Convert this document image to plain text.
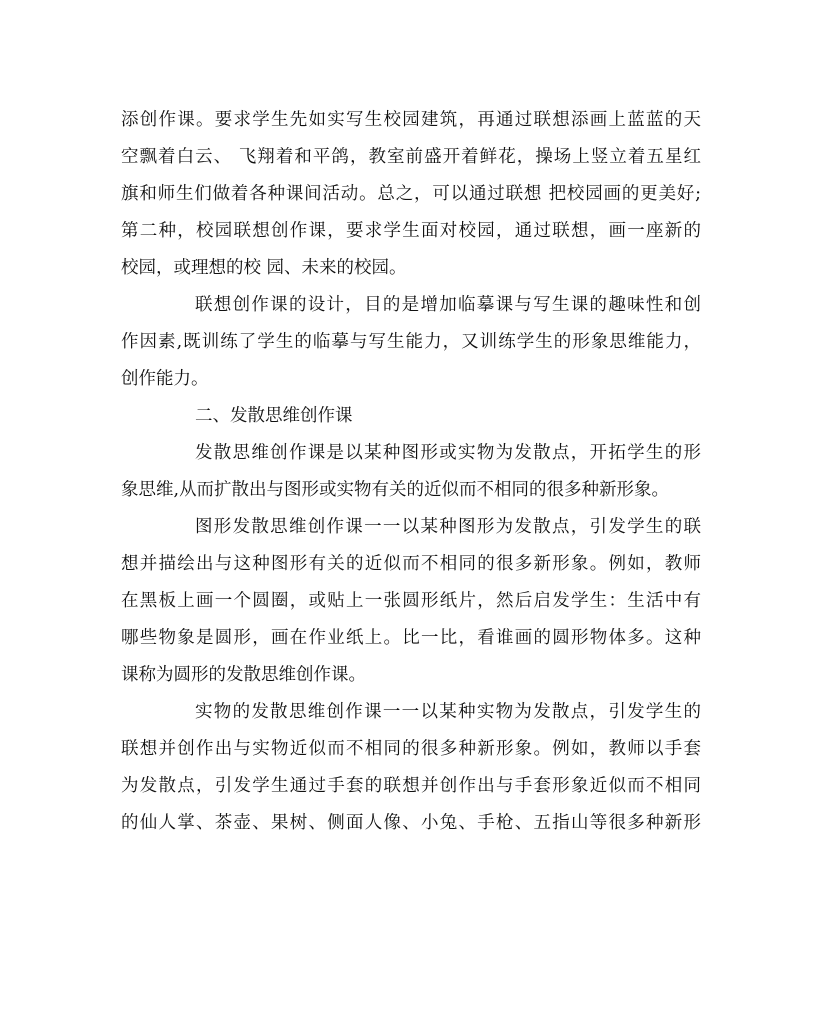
添创作课。要求学生先如实写生校园建筑，再通过联想添画上蓝蓝的天
空飘着白云、 飞翔着和平鸽，教室前盛开着鲜花，操场上竖立着五星红
旗和师生们做着各种课间活动。总之，可以通过联想 把校园画的更美好;
第二种，校园联想创作课，要求学生面对校园，通过联想，画一座新的
校园，或理想的校 园、未来的校园。
联想创作课的设计，目的是增加临摹课与写生课的趣味性和创
作因素,既训练了学生的临摹与写生能力，又训练学生的形象思维能力，
创作能力。
二、发散思维创作课
发散思维创作课是以某种图形或实物为发散点，开拓学生的形
象思维,从而扩散出与图形或实物有关的近似而不相同的很多种新形象。
图形发散思维创作课一一以某种图形为发散点，引发学生的联
想并描绘出与这种图形有关的近似而不相同的很多新形象。例如，教师
在黑板上画一个圆圈，或贴上一张圆形纸片，然后启发学生：生活中有
哪些物象是圆形，画在作业纸上。比一比，看谁画的圆形物体多。这种
课称为圆形的发散思维创作课。
实物的发散思维创作课一一以某种实物为发散点，引发学生的
联想并创作出与实物近似而不相同的很多种新形象。例如，教师以手套
为发散点，引发学生通过手套的联想并创作出与手套形象近似而不相同
的仙人掌、茶壶、果树、侧面人像、小兔、手枪、五指山等很多种新形
